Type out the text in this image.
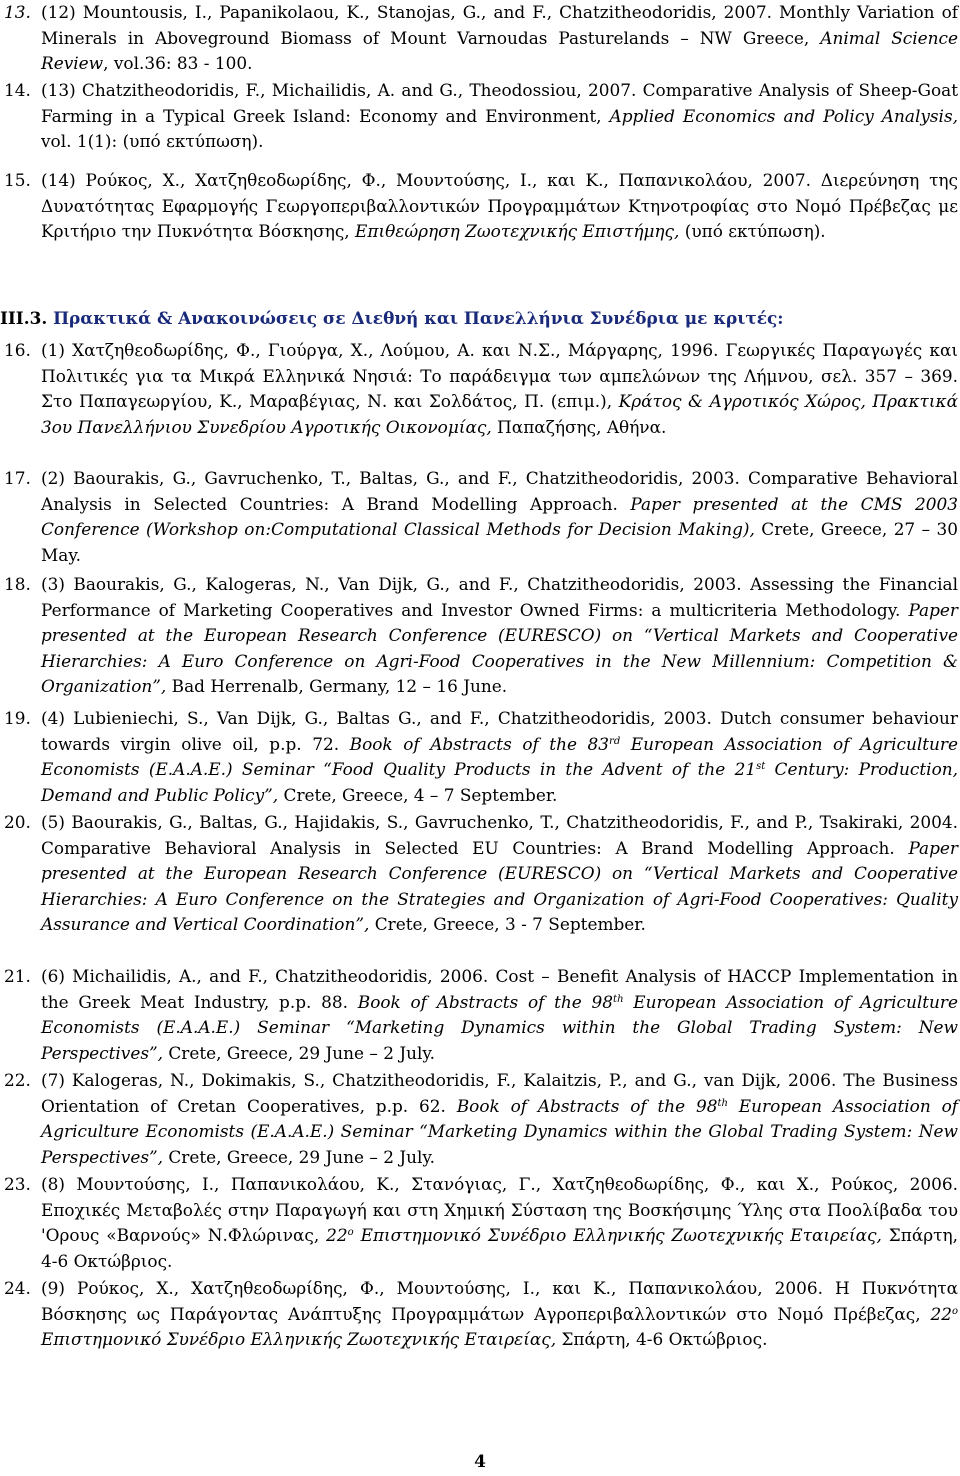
13. (12) Mountousis, I., Papanikolaou, K., Stanojas, G., and F., Chatzitheodoridis, 2007. Monthly Variation of Minerals in Aboveground Biomass of Mount Varnoudas Pasturelands – NW Greece, Animal Science Review, vol.36: 83 - 100.
14. (13) Chatzitheodoridis, F., Michailidis, A. and G., Theodossiou, 2007. Comparative Analysis of Sheep-Goat Farming in a Typical Greek Island: Economy and Environment, Applied Economics and Policy Analysis, vol. 1(1): (υπό εκτύπωση).
15. (14) Ρούκος, Χ., Χατζηθεοδωρίδης, Φ., Μουντούσης, Ι., και Κ., Παπανικολάου, 2007. Διερεύνηση της Δυνατότητας Εφαρμογής Γεωργοπεριβαλλοντικών Προγραμμάτων Κτηνοτροφίας στο Νομό Πρέβεζας με Κριτήριο την Πυκνότητα Βόσκησης, Επιθεώρηση Ζωοτεχνικής Επιστήμης, (υπό εκτύπωση).
III.3. Πρακτικά & Ανακοινώσεις σε Διεθνή και Πανελλήνια Συνέδρια με κριτές:
16. (1) Χατζηθεοδωρίδης, Φ., Γιούργα, Χ., Λούμου, Α. και Ν.Σ., Μάργαρης, 1996. Γεωργικές Παραγωγές και Πολιτικές για τα Μικρά Ελληνικά Νησιά: Το παράδειγμα των αμπελώνων της Λήμνου, σελ. 357 – 369. Στο Παπαγεωργίου, Κ., Μαραβέγιας, Ν. και Σολδάτος, Π. (επιμ.), Κράτος & Αγροτικός Χώρος, Πρακτικά 3ου Πανελλήνιου Συνεδρίου Αγροτικής Οικονομίας, Παπαζήσης, Αθήνα.
17. (2) Baourakis, G., Gavruchenko, T., Baltas, G., and F., Chatzitheodoridis, 2003. Comparative Behavioral Analysis in Selected Countries: A Brand Modelling Approach. Paper presented at the CMS 2003 Conference (Workshop on:Computational Classical Methods for Decision Making), Crete, Greece, 27 – 30 May.
18. (3) Baourakis, G., Kalogeras, N., Van Dijk, G., and F., Chatzitheodoridis, 2003. Assessing the Financial Performance of Marketing Cooperatives and Investor Owned Firms: a multicriteria Methodology. Paper presented at the European Research Conference (EURESCO) on “Vertical Markets and Cooperative Hierarchies: A Euro Conference on Agri-Food Cooperatives in the New Millennium: Competition & Organization”, Bad Herrenalb, Germany, 12 – 16 June.
19. (4) Lubieniechi, S., Van Dijk, G., Baltas G., and F., Chatzitheodoridis, 2003. Dutch consumer behaviour towards virgin olive oil, p.p. 72. Book of Abstracts of the 83rd European Association of Agriculture Economists (E.A.A.E.) Seminar “Food Quality Products in the Advent of the 21st Century: Production, Demand and Public Policy”, Crete, Greece, 4 – 7 September.
20. (5) Baourakis, G., Baltas, G., Hajidakis, S., Gavruchenko, T., Chatzitheodoridis, F., and P., Tsakiraki, 2004. Comparative Behavioral Analysis in Selected EU Countries: A Brand Modelling Approach. Paper presented at the European Research Conference (EURESCO) on “Vertical Markets and Cooperative Hierarchies: A Euro Conference on the Strategies and Organization of Agri-Food Cooperatives: Quality Assurance and Vertical Coordination”, Crete, Greece, 3 - 7 September.
21. (6) Michailidis, A., and F., Chatzitheodoridis, 2006. Cost – Benefit Analysis of HACCP Implementation in the Greek Meat Industry, p.p. 88. Book of Abstracts of the 98th European Association of Agriculture Economists (E.A.A.E.) Seminar “Marketing Dynamics within the Global Trading System: New Perspectives”, Crete, Greece, 29 June – 2 July.
22. (7) Kalogeras, N., Dokimakis, S., Chatzitheodoridis, F., Kalaitzis, P., and G., van Dijk, 2006. The Business Orientation of Cretan Cooperatives, p.p. 62. Book of Abstracts of the 98th European Association of Agriculture Economists (E.A.A.E.) Seminar “Marketing Dynamics within the Global Trading System: New Perspectives”, Crete, Greece, 29 June – 2 July.
23. (8) Μουντούσης, Ι., Παπανικολάου, Κ., Στανόγιας, Γ., Χατζηθεοδωρίδης, Φ., και Χ., Ρούκος, 2006. Εποχικές Μεταβολές στην Παραγωγή και στη Χημική Σύσταση της Βοσκήσιμης Ύλης στα Ποολίβαδα του 'Ορους «Βαρνούς» Ν.Φλώρινας, $22^o$ Επιστημονικό Συνέδριο Ελληνικής Ζωοτεχνικής Εταιρείας, Σπάρτη, 4-6 Οκτώβριος.
24. (9) Ρούκος, Χ., Χατζηθεοδωρίδης, Φ., Μουντούσης, Ι., και Κ., Παπανικολάου, 2006. Η Πυκνότητα Βόσκησης ως Παράγοντας Ανάπτυξης Προγραμμάτων Αγροπεριβαλλοντικών στο Νομό Πρέβεζας, $22^o$ Επιστημονικό Συνέδριο Ελληνικής Ζωοτεχνικής Εταιρείας, Σπάρτη, 4-6 Οκτώβριος.
4
